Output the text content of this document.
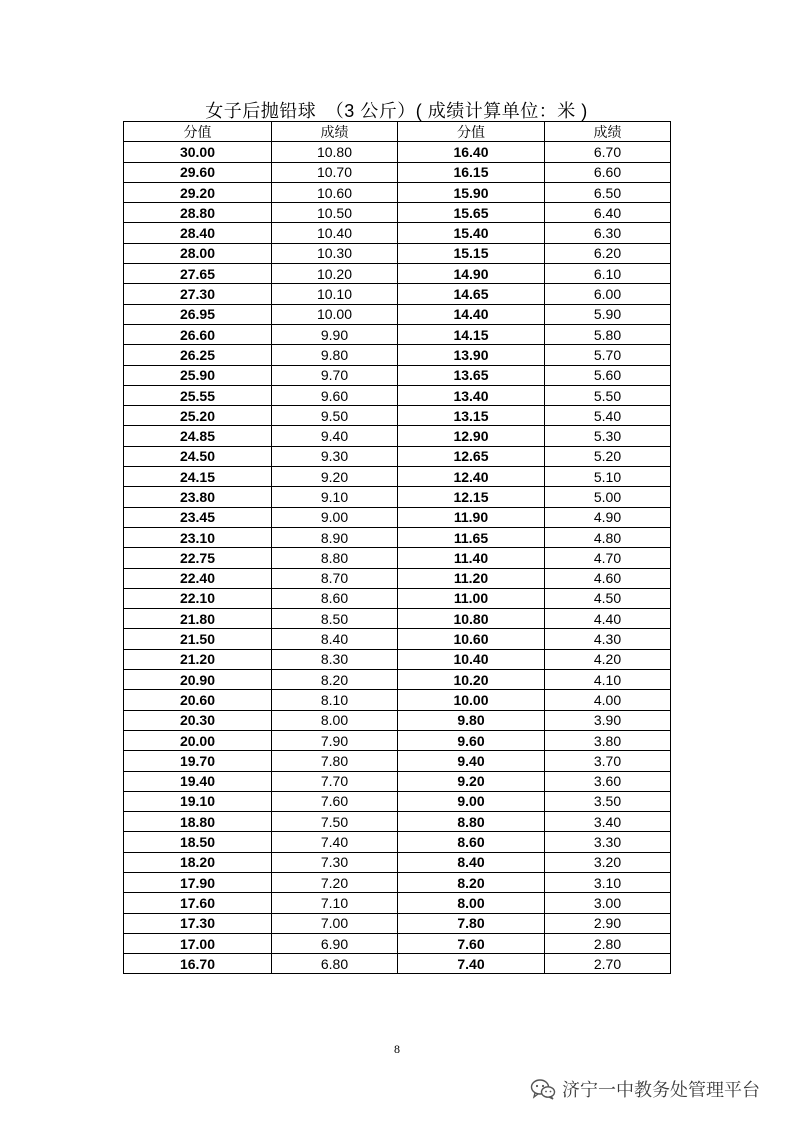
女子后抛铅球　（3 公斤）( 成绩计算单位：米 )
分值	成绩	分值	成绩
30.00	10.80	16.40	6.70
29.60	10.70	16.15	6.60
29.20	10.60	15.90	6.50
28.80	10.50	15.65	6.40
28.40	10.40	15.40	6.30
28.00	10.30	15.15	6.20
27.65	10.20	14.90	6.10
27.30	10.10	14.65	6.00
26.95	10.00	14.40	5.90
26.60	9.90	14.15	5.80
26.25	9.80	13.90	5.70
25.90	9.70	13.65	5.60
25.55	9.60	13.40	5.50
25.20	9.50	13.15	5.40
24.85	9.40	12.90	5.30
24.50	9.30	12.65	5.20
24.15	9.20	12.40	5.10
23.80	9.10	12.15	5.00
23.45	9.00	11.90	4.90
23.10	8.90	11.65	4.80
22.75	8.80	11.40	4.70
22.40	8.70	11.20	4.60
22.10	8.60	11.00	4.50
21.80	8.50	10.80	4.40
21.50	8.40	10.60	4.30
21.20	8.30	10.40	4.20
20.90	8.20	10.20	4.10
20.60	8.10	10.00	4.00
20.30	8.00	9.80	3.90
20.00	7.90	9.60	3.80
19.70	7.80	9.40	3.70
19.40	7.70	9.20	3.60
19.10	7.60	9.00	3.50
18.80	7.50	8.80	3.40
18.50	7.40	8.60	3.30
18.20	7.30	8.40	3.20
17.90	7.20	8.20	3.10
17.60	7.10	8.00	3.00
17.30	7.00	7.80	2.90
17.00	6.90	7.60	2.80
16.70	6.80	7.40	2.70
8
济宁一中教务处管理平台
